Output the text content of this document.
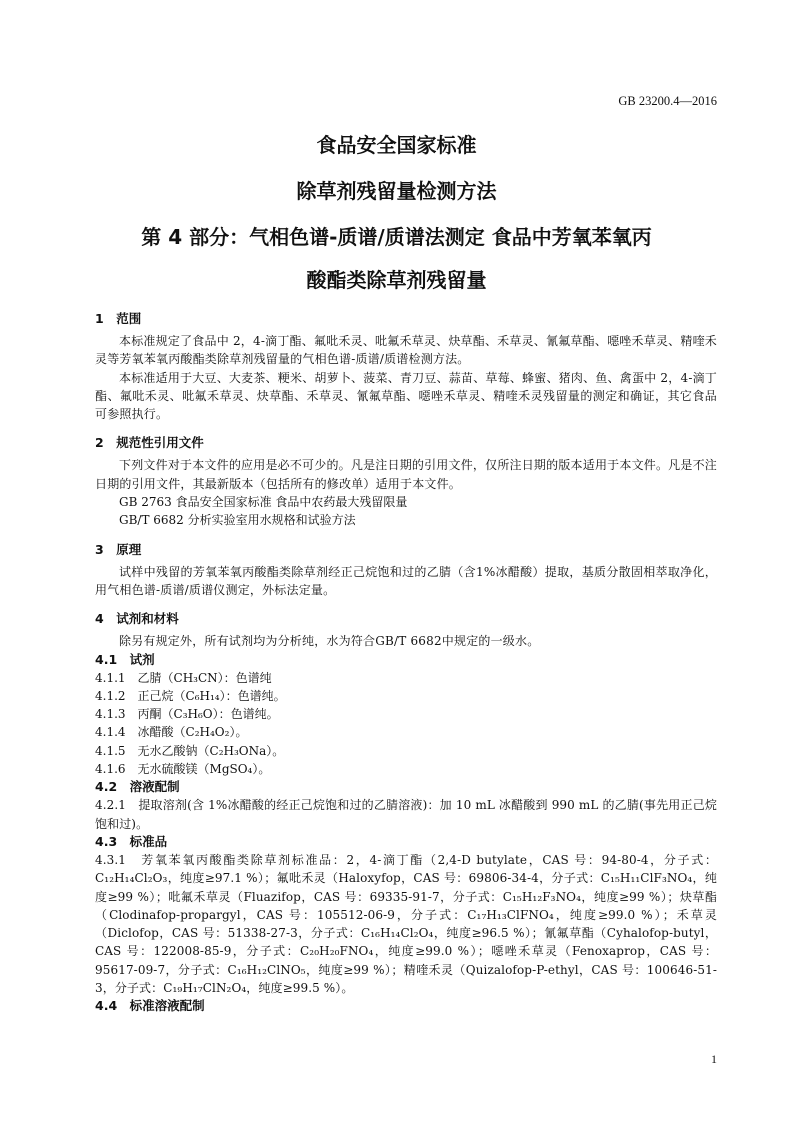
GB 23200.4—2016
食品安全国家标准
除草剂残留量检测方法
第 4 部分：气相色谱-质谱/质谱法测定 食品中芳氧苯氧丙
酸酯类除草剂残留量
1　范围
本标准规定了食品中 2，4-滴丁酯、氟吡禾灵、吡氟禾草灵、炔草酯、禾草灵、氰氟草酯、噁唑禾草灵、精喹禾灵等芳氧苯氧丙酸酯类除草剂残留量的气相色谱-质谱/质谱检测方法。
本标准适用于大豆、大麦茶、粳米、胡萝卜、菠菜、青刀豆、蒜苗、草莓、蜂蜜、猪肉、鱼、禽蛋中 2，4-滴丁酯、氟吡禾灵、吡氟禾草灵、炔草酯、禾草灵、氰氟草酯、噁唑禾草灵、精喹禾灵残留量的测定和确证，其它食品可参照执行。
2　规范性引用文件
下列文件对于本文件的应用是必不可少的。凡是注日期的引用文件，仅所注日期的版本适用于本文件。凡是不注日期的引用文件，其最新版本（包括所有的修改单）适用于本文件。
GB 2763 食品安全国家标准 食品中农药最大残留限量
GB/T 6682 分析实验室用水规格和试验方法
3　原理
试样中残留的芳氧苯氧丙酸酯类除草剂经正己烷饱和过的乙腈（含1%冰醋酸）提取，基质分散固相萃取净化，用气相色谱-质谱/质谱仪测定，外标法定量。
4　试剂和材料
除另有规定外，所有试剂均为分析纯，水为符合GB/T 6682中规定的一级水。
4.1　试剂
4.1.1　乙腈（CH₃CN）：色谱纯
4.1.2　正己烷（C₆H₁₄）：色谱纯。
4.1.3　丙酮（C₃H₆O）：色谱纯。
4.1.4　冰醋酸（C₂H₄O₂）。
4.1.5　无水乙酸钠（C₂H₃ONa）。
4.1.6　无水硫酸镁（MgSO₄）。
4.2　溶液配制
4.2.1　提取溶剂(含 1%冰醋酸的经正己烷饱和过的乙腈溶液)：加 10 mL 冰醋酸到 990 mL 的乙腈(事先用正己烷饱和过)。
4.3　标准品
4.3.1　芳氧苯氧丙酸酯类除草剂标准品：2，4-滴丁酯（2,4-D butylate，CAS 号：94-80-4，分子式：C₁₂H₁₄Cl₂O₃，纯度≥97.1 %）；氟吡禾灵（Haloxyfop，CAS 号：69806-34-4，分子式：C₁₅H₁₁ClF₃NO₄，纯度≥99 %）；吡氟禾草灵（Fluazifop，CAS 号：69335-91-7，分子式：C₁₅H₁₂F₃NO₄，纯度≥99 %）；炔草酯（Clodinafop-propargyl，CAS 号：105512-06-9，分子式：C₁₇H₁₃ClFNO₄，纯度≥99.0 %）；禾草灵（Diclofop，CAS 号：51338-27-3，分子式：C₁₆H₁₄Cl₂O₄，纯度≥96.5 %）；氰氟草酯（Cyhalofop-butyl，CAS 号：122008-85-9，分子式：C₂₀H₂₀FNO₄，纯度≥99.0 %）；噁唑禾草灵（Fenoxaprop，CAS 号：95617-09-7，分子式：C₁₆H₁₂ClNO₅，纯度≥99 %）；精喹禾灵（Quizalofop-P-ethyl，CAS 号：100646-51-3，分子式：C₁₉H₁₇ClN₂O₄，纯度≥99.5 %）。
4.4　标准溶液配制
1
